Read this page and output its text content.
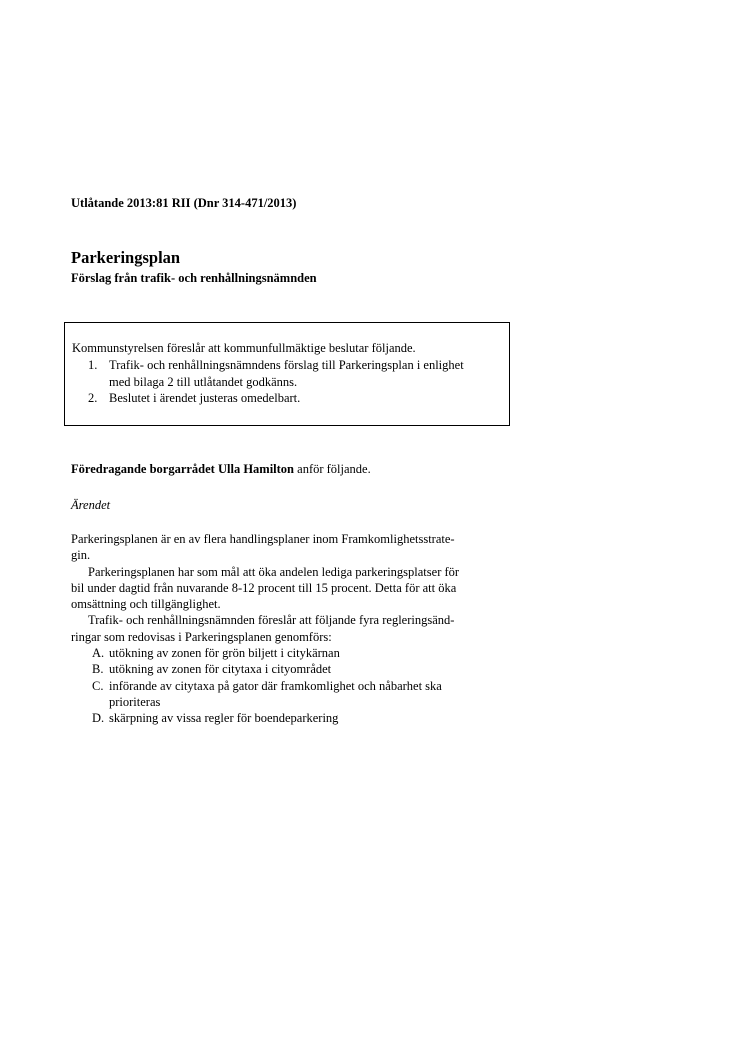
Utlåtande 2013:81 RII (Dnr 314-471/2013)
Parkeringsplan
Förslag från trafik- och renhållningsnämnden
Kommunstyrelsen föreslår att kommunfullmäktige beslutar följande.
1. Trafik- och renhållningsnämndens förslag till Parkeringsplan i enlighet
med bilaga 2 till utlåtandet godkänns.
2. Beslutet i ärendet justeras omedelbart.
Föredragande borgarrådet Ulla Hamilton anför följande.
Ärendet
Parkeringsplanen är en av flera handlingsplaner inom Framkomlighetsstrate-
gin.
Parkeringsplanen har som mål att öka andelen lediga parkeringsplatser för
bil under dagtid från nuvarande 8-12 procent till 15 procent. Detta för att öka
omsättning och tillgänglighet.
Trafik- och renhållningsnämnden föreslår att följande fyra regleringsänd-
ringar som redovisas i Parkeringsplanen genomförs:
A. utökning av zonen för grön biljett i citykärnan
B. utökning av zonen för citytaxa i cityområdet
C. införande av citytaxa på gator där framkomlighet och nåbarhet ska
prioriteras
D. skärpning av vissa regler för boendeparkering
